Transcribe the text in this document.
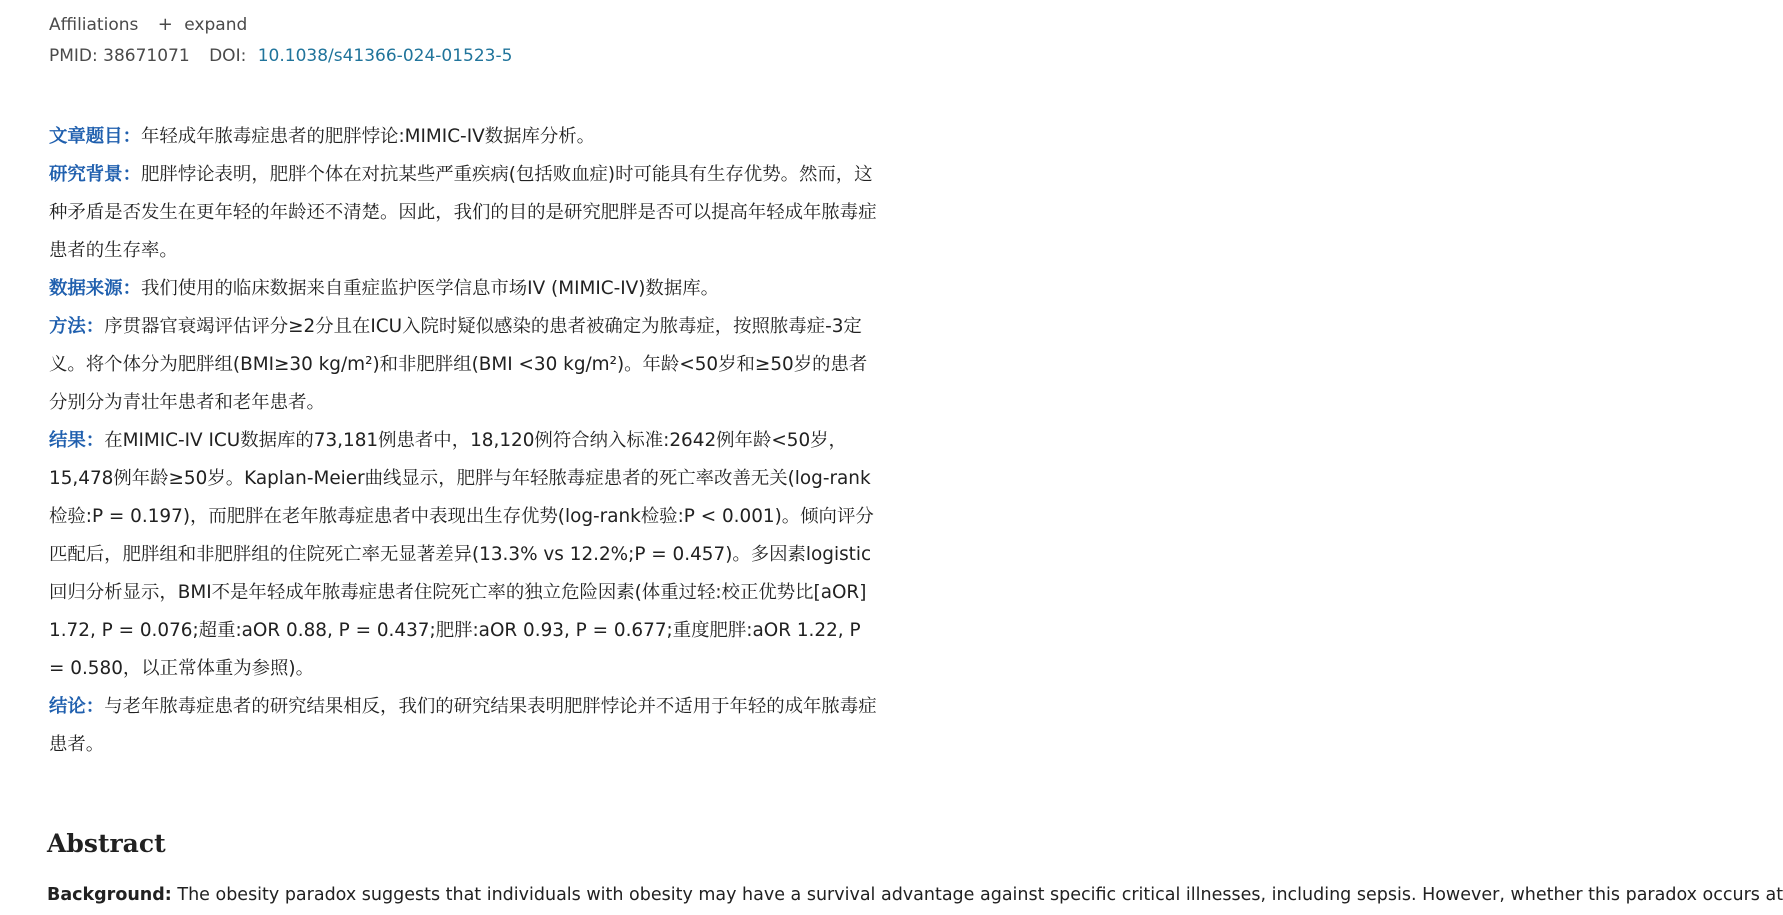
Affiliations + expand
PMID: 38671071 DOI: 10.1038/s41366-024-01523-5

文章题目：年轻成年脓毒症患者的肥胖悖论:MIMIC-IV数据库分析。

研究背景：肥胖悖论表明，肥胖个体在对抗某些严重疾病(包括败血症)时可能具有生存优势。然而，这种矛盾是否发生在更年轻的年龄还不清楚。因此，我们的目的是研究肥胖是否可以提高年轻成年脓毒症患者的生存率。

数据来源：我们使用的临床数据来自重症监护医学信息市场IV (MIMIC-IV)数据库。

方法：序贯器官衰竭评估评分≥2分且在ICU入院时疑似感染的患者被确定为脓毒症，按照脓毒症-3定义。将个体分为肥胖组(BMI≥30 kg/m²)和非肥胖组(BMI <30 kg/m²)。年龄<50岁和≥50岁的患者分别分为青壮年患者和老年患者。

结果：在MIMIC-IV ICU数据库的73,181例患者中，18,120例符合纳入标准:2642例年龄<50岁，15,478例年龄≥50岁。Kaplan-Meier曲线显示，肥胖与年轻脓毒症患者的死亡率改善无关(log-rank检验:P = 0.197)，而肥胖在老年脓毒症患者中表现出生存优势(log-rank检验:P < 0.001)。倾向评分匹配后，肥胖组和非肥胖组的住院死亡率无显著差异(13.3% vs 12.2%;P = 0.457)。多因素logistic回归分析显示，BMI不是年轻成年脓毒症患者住院死亡率的独立危险因素(体重过轻:校正优势比[aOR] 1.72, P = 0.076;超重:aOR 0.88, P = 0.437;肥胖:aOR 0.93, P = 0.677;重度肥胖:aOR 1.22, P = 0.580，以正常体重为参照)。

结论：与老年脓毒症患者的研究结果相反，我们的研究结果表明肥胖悖论并不适用于年轻的成年脓毒症患者。

Abstract

Background: The obesity paradox suggests that individuals with obesity may have a survival advantage against specific critical illnesses, including sepsis. However, whether this paradox occurs at
